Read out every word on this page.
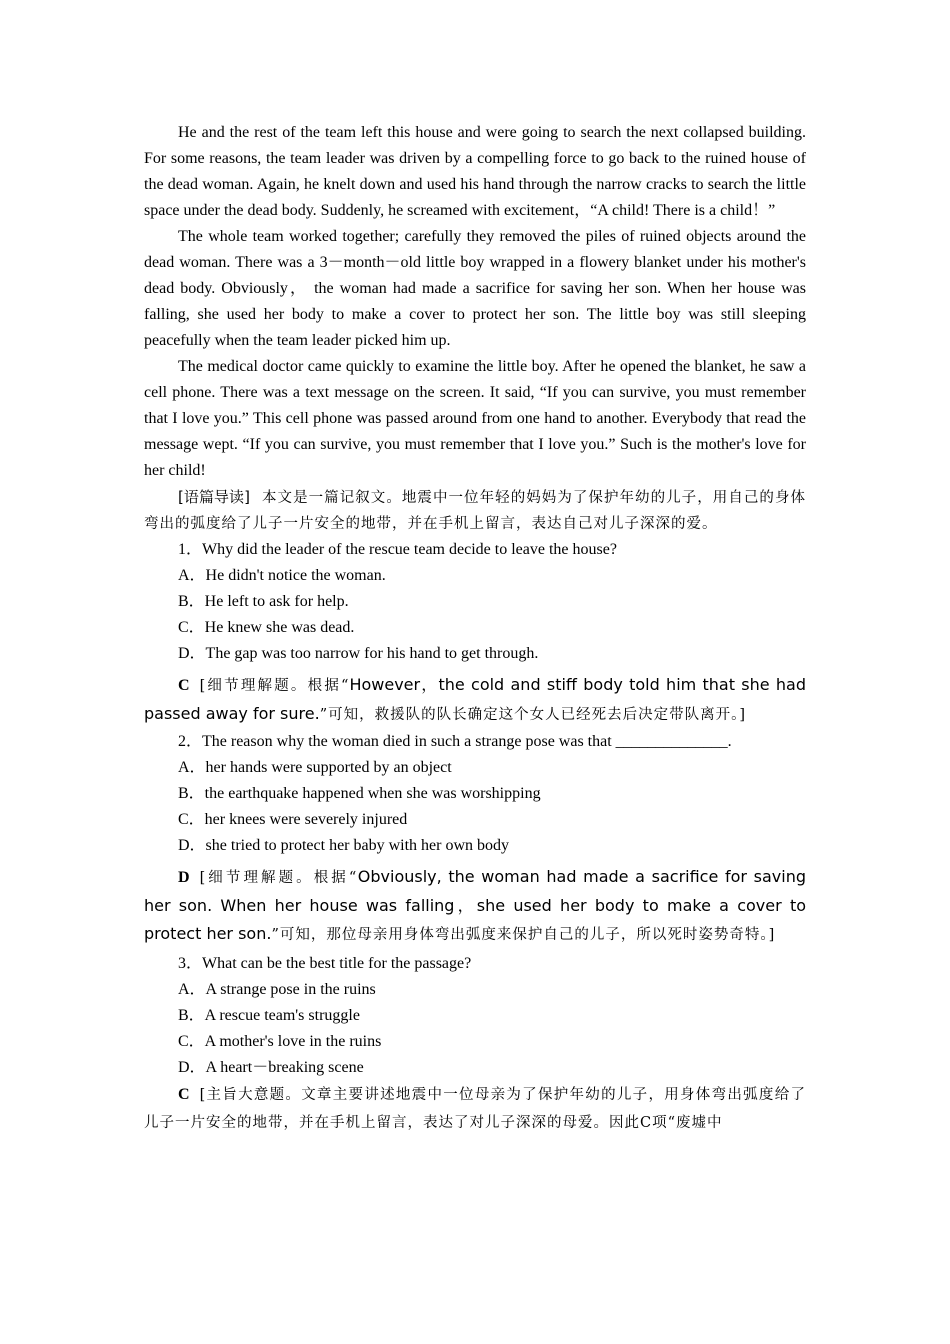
He and the rest of the team left this house and were going to search the next collapsed building. For some reasons, the team leader was driven by a compelling force to go back to the ruined house of the dead woman. Again, he knelt down and used his hand through the narrow cracks to search the little space under the dead body. Suddenly, he screamed with excitement，“A child! There is a child！”

The whole team worked together; carefully they removed the piles of ruined objects around the dead woman. There was a 3－month－old little boy wrapped in a flowery blanket under his mother's dead body. Obviously， the woman had made a sacrifice for saving her son. When her house was falling, she used her body to make a cover to protect her son. The little boy was still sleeping peacefully when the team leader picked him up.

The medical doctor came quickly to examine the little boy. After he opened the blanket, he saw a cell phone. There was a text message on the screen. It said, “If you can survive, you must remember that I love you.” This cell phone was passed around from one hand to another. Everybody that read the message wept. “If you can survive, you must remember that I love you.” Such is the mother's love for her child!

[语篇导读] 本文是一篇记叙文。地震中一位年轻的妈妈为了保护年幼的儿子，用自己的身体弯出的弧度给了儿子一片安全的地带，并在手机上留言，表达自己对儿子深深的爱。

1．Why did the leader of the rescue team decide to leave the house?

A．He didn't notice the woman.

B．He left to ask for help.

C．He knew she was dead.

D．The gap was too narrow for his hand to get through.

C [细节理解题。根据“However，the cold and stiff body told him that she had passed away for sure.”可知，救援队的队长确定这个女人已经死去后决定带队离开。]

2．The reason why the woman died in such a strange pose was that ______________.

A．her hands were supported by an object

B．the earthquake happened when she was worshipping

C．her knees were severely injured

D．she tried to protect her baby with her own body

D [细节理解题。根据“Obviously, the woman had made a sacrifice for saving her son. When her house was falling，she used her body to make a cover to protect her son.”可知，那位母亲用身体弯出弧度来保护自己的儿子，所以死时姿势奇特。]

3．What can be the best title for the passage?

A．A strange pose in the ruins

B．A rescue team's struggle

C．A mother's love in the ruins

D．A heart－breaking scene

C [主旨大意题。文章主要讲述地震中一位母亲为了保护年幼的儿子，用身体弯出弧度给了儿子一片安全的地带，并在手机上留言，表达了对儿子深深的母爱。因此C项“废墟中
